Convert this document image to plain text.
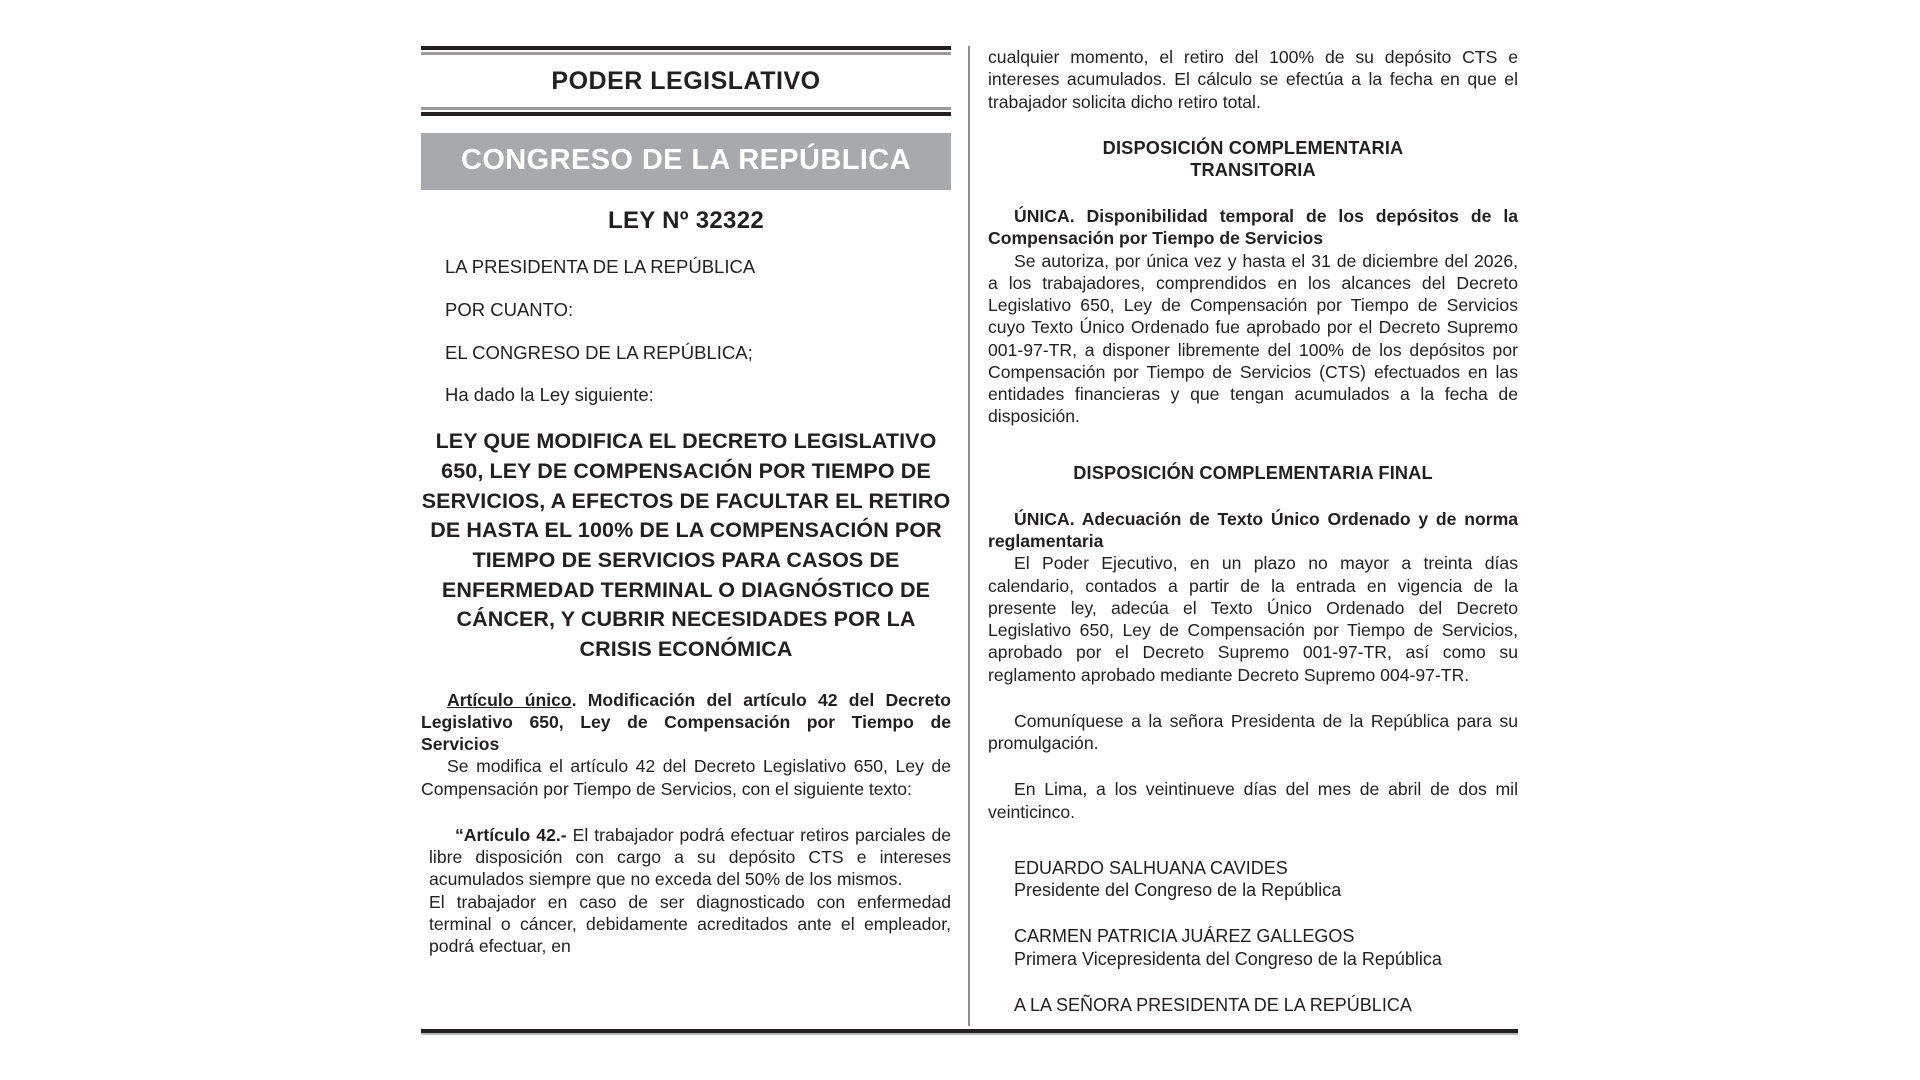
PODER LEGISLATIVO
CONGRESO DE LA REPÚBLICA
LEY Nº 32322

LA PRESIDENTA DE LA REPÚBLICA

POR CUANTO:

EL CONGRESO DE LA REPÚBLICA;

Ha dado la Ley siguiente:

LEY QUE MODIFICA EL DECRETO LEGISLATIVO 650, LEY DE COMPENSACIÓN POR TIEMPO DE SERVICIOS, A EFECTOS DE FACULTAR EL RETIRO DE HASTA EL 100% DE LA COMPENSACIÓN POR TIEMPO DE SERVICIOS PARA CASOS DE ENFERMEDAD TERMINAL O DIAGNÓSTICO DE CÁNCER, Y CUBRIR NECESIDADES POR LA CRISIS ECONÓMICA

Artículo único. Modificación del artículo 42 del Decreto Legislativo 650, Ley de Compensación por Tiempo de Servicios

Se modifica el artículo 42 del Decreto Legislativo 650, Ley de Compensación por Tiempo de Servicios, con el siguiente texto:

“Artículo 42.- El trabajador podrá efectuar retiros parciales de libre disposición con cargo a su depósito CTS e intereses acumulados siempre que no exceda del 50% de los mismos.

El trabajador en caso de ser diagnosticado con enfermedad terminal o cáncer, debidamente acreditados ante el empleador, podrá efectuar, en

cualquier momento, el retiro del 100% de su depósito CTS e intereses acumulados. El cálculo se efectúa a la fecha en que el trabajador solicita dicho retiro total.

DISPOSICIÓN COMPLEMENTARIA
TRANSITORIA

ÚNICA. Disponibilidad temporal de los depósitos de la Compensación por Tiempo de Servicios

Se autoriza, por única vez y hasta el 31 de diciembre del 2026, a los trabajadores, comprendidos en los alcances del Decreto Legislativo 650, Ley de Compensación por Tiempo de Servicios cuyo Texto Único Ordenado fue aprobado por el Decreto Supremo 001-97-TR, a disponer libremente del 100% de los depósitos por Compensación por Tiempo de Servicios (CTS) efectuados en las entidades financieras y que tengan acumulados a la fecha de disposición.

DISPOSICIÓN COMPLEMENTARIA FINAL

ÚNICA. Adecuación de Texto Único Ordenado y de norma reglamentaria

El Poder Ejecutivo, en un plazo no mayor a treinta días calendario, contados a partir de la entrada en vigencia de la presente ley, adecúa el Texto Único Ordenado del Decreto Legislativo 650, Ley de Compensación por Tiempo de Servicios, aprobado por el Decreto Supremo 001-97-TR, así como su reglamento aprobado mediante Decreto Supremo 004-97-TR.

Comuníquese a la señora Presidenta de la República para su promulgación.

En Lima, a los veintinueve días del mes de abril de dos mil veinticinco.

EDUARDO SALHUANA CAVIDES
Presidente del Congreso de la República
CARMEN PATRICIA JUÁREZ GALLEGOS
Primera Vicepresidenta del Congreso de la República
A LA SEÑORA PRESIDENTA DE LA REPÚBLICA
